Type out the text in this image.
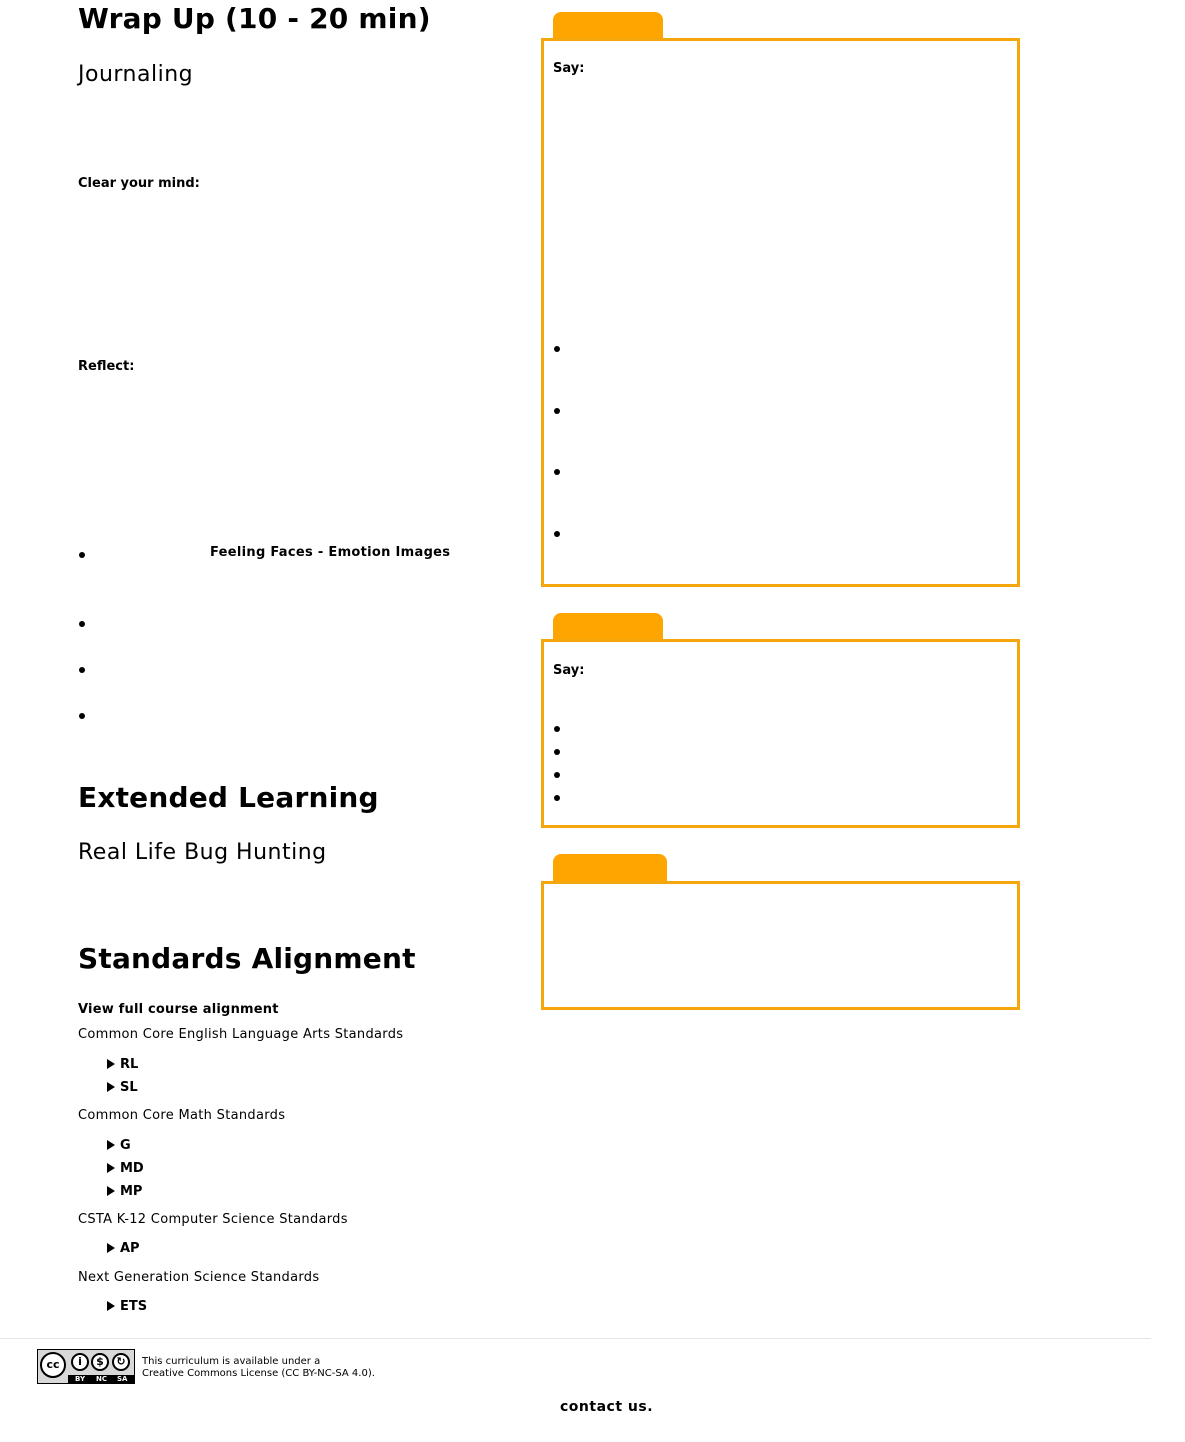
Wrap Up (10 - 20 min)
Journaling
Clear your mind:
Reflect:
Feeling Faces - Emotion Images
Extended Learning
Real Life Bug Hunting
Standards Alignment
View full course alignment
Common Core English Language Arts Standards
RL
SL
Common Core Math Standards
G
MD
MP
CSTA K-12 Computer Science Standards
AP
Next Generation Science Standards
ETS
Say:
Say:
cc	i	$	↻
BY NC SA
This curriculum is available under a
Creative Commons License (CC BY-NC-SA 4.0).
contact us.
